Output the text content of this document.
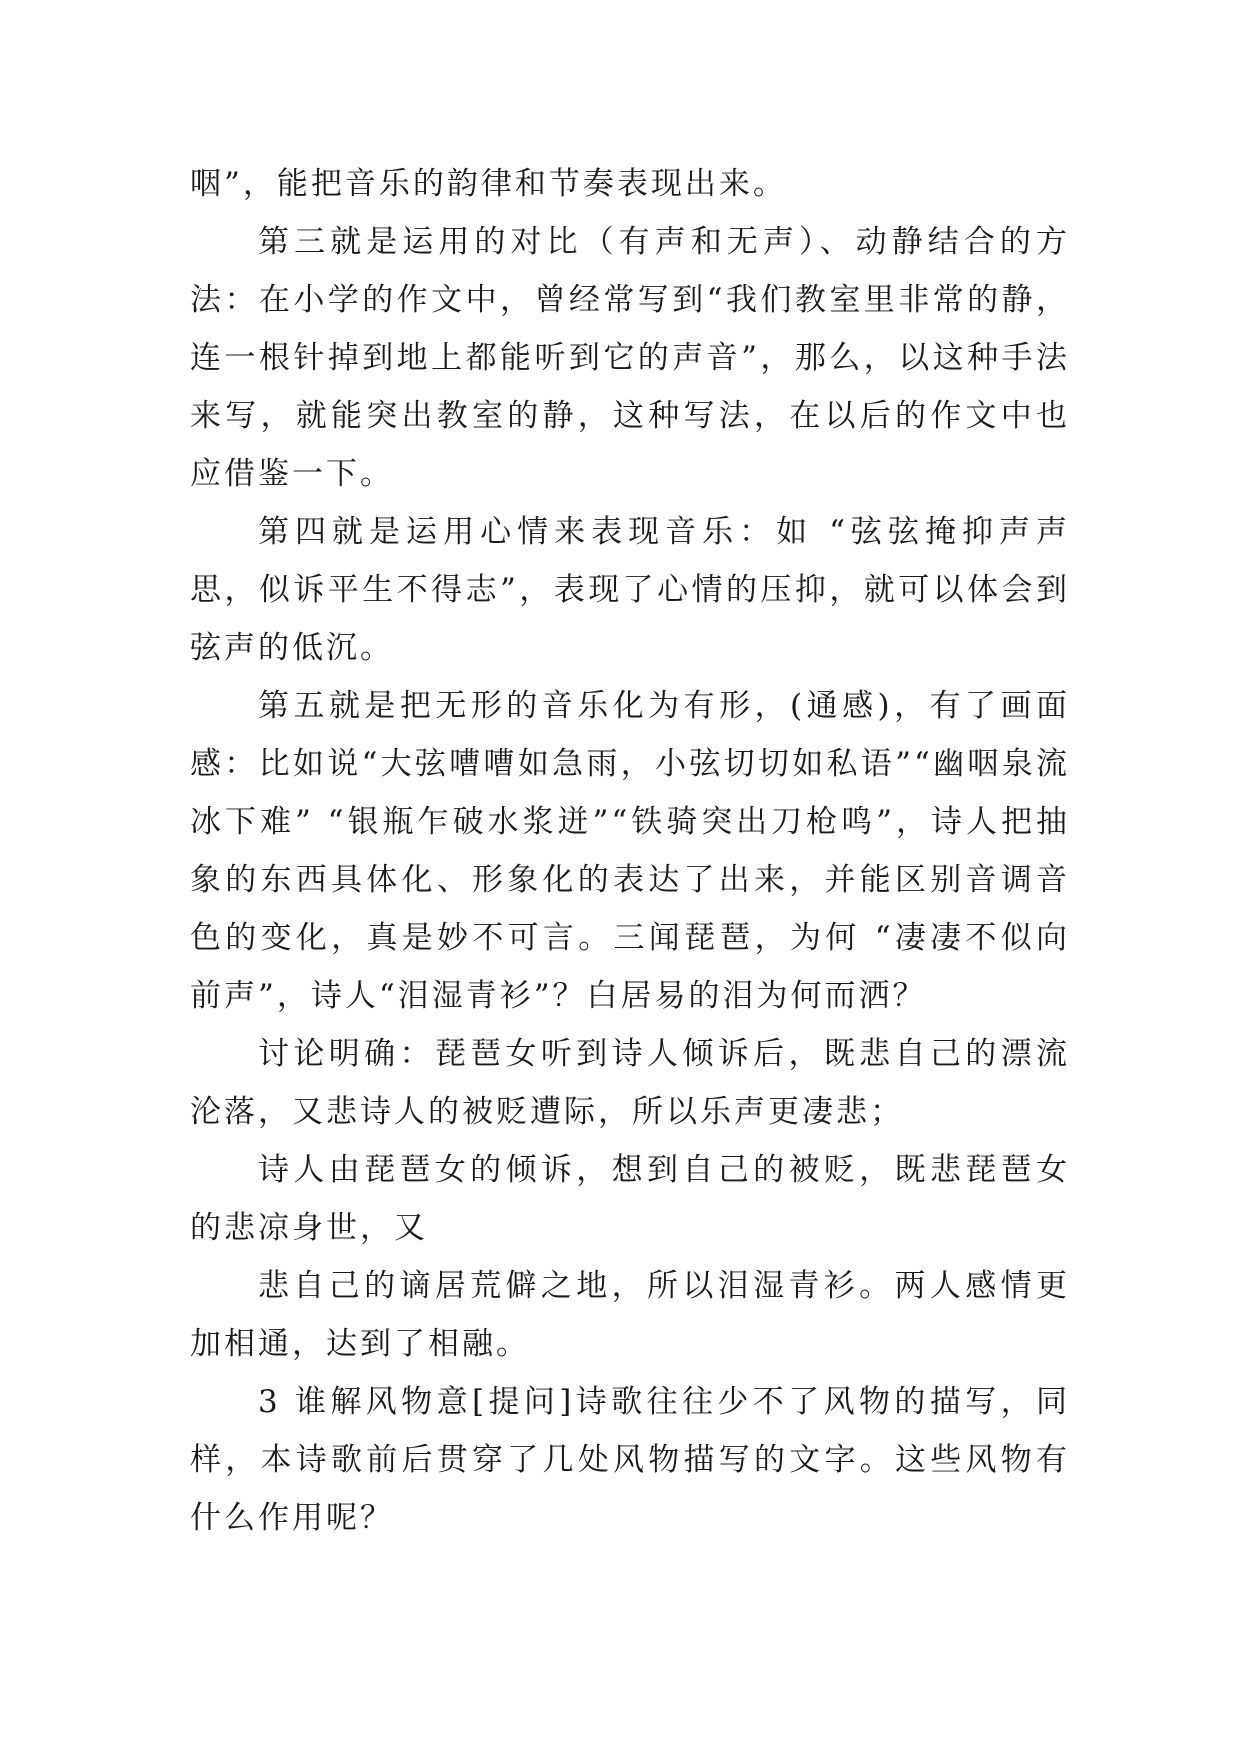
咽”，能把音乐的韵律和节奏表现出来。

第三就是运用的对比（有声和无声）、动静结合的方法：在小学的作文中，曾经常写到“我们教室里非常的静，连一根针掉到地上都能听到它的声音”，那么，以这种手法来写，就能突出教室的静，这种写法，在以后的作文中也应借鉴一下。

第四就是运用心情来表现音乐：如 “弦弦掩抑声声思，似诉平生不得志”，表现了心情的压抑，就可以体会到弦声的低沉。

第五就是把无形的音乐化为有形，(通感)，有了画面感：比如说“大弦嘈嘈如急雨，小弦切切如私语”“幽咽泉流冰下难” “银瓶乍破水浆迸”“铁骑突出刀枪鸣”，诗人把抽象的东西具体化、形象化的表达了出来，并能区别音调音色的变化，真是妙不可言。三闻琵琶，为何 “凄凄不似向前声”，诗人“泪湿青衫”？白居易的泪为何而洒？

讨论明确：琵琶女听到诗人倾诉后，既悲自己的漂流沦落，又悲诗人的被贬遭际，所以乐声更凄悲；

诗人由琵琶女的倾诉，想到自己的被贬，既悲琵琶女的悲凉身世，又

悲自己的谪居荒僻之地，所以泪湿青衫。两人感情更加相通，达到了相融。

3 谁解风物意[提问]诗歌往往少不了风物的描写，同样，本诗歌前后贯穿了几处风物描写的文字。这些风物有什么作用呢？
